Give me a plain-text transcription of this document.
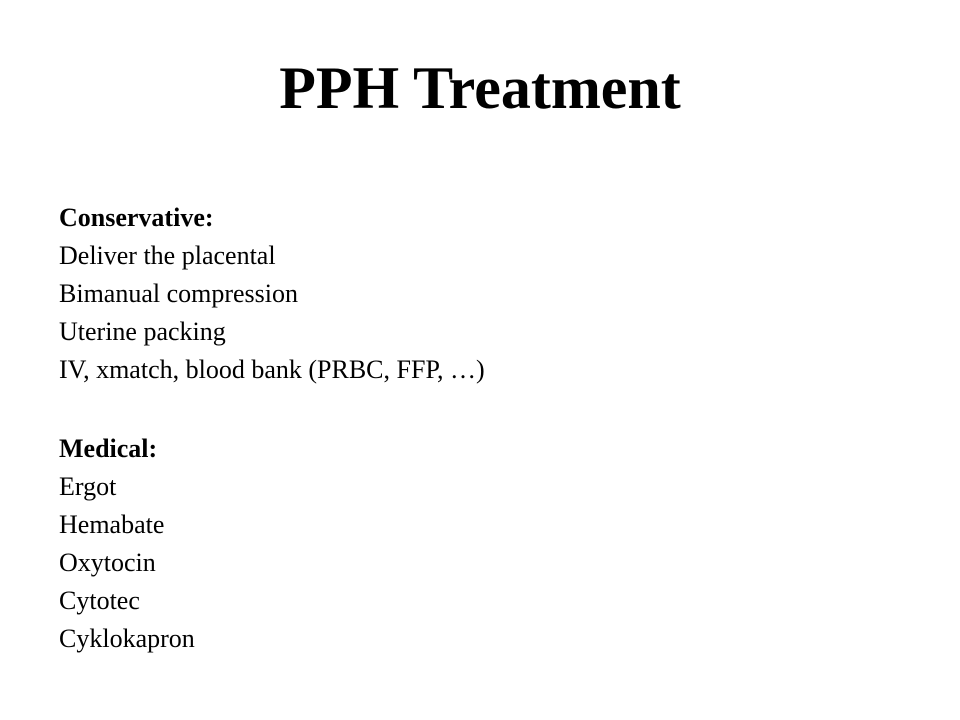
PPH Treatment
Conservative:
Deliver the placental
Bimanual compression
Uterine packing
IV, xmatch, blood bank (PRBC, FFP, …)
Medical:
Ergot
Hemabate
Oxytocin
Cytotec
Cyklokapron
